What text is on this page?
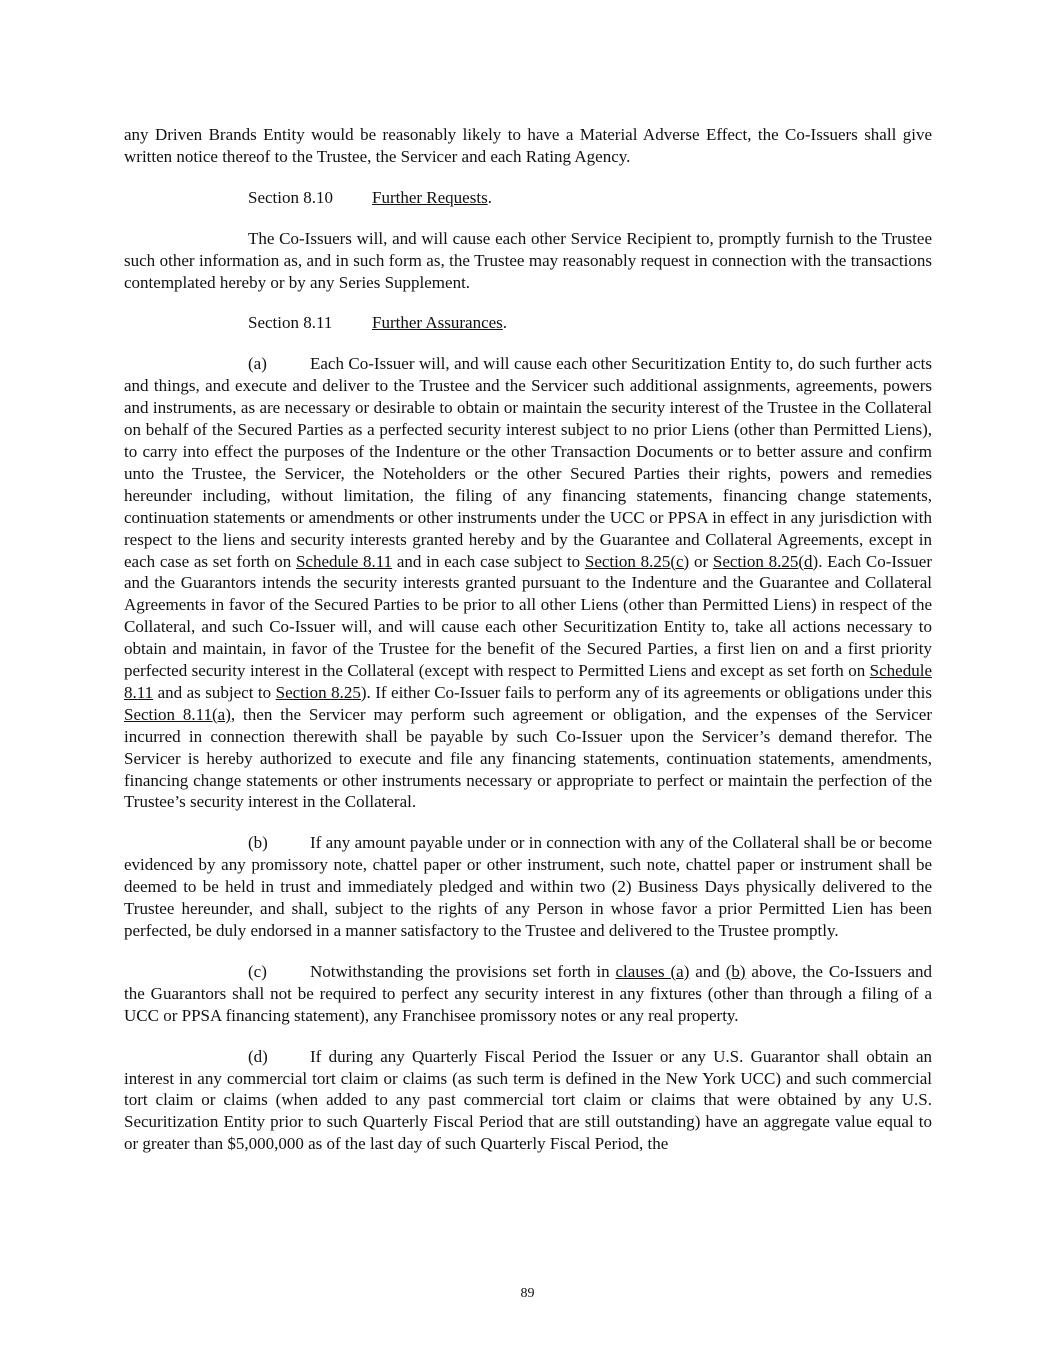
any Driven Brands Entity would be reasonably likely to have a Material Adverse Effect, the Co-Issuers shall give written notice thereof to the Trustee, the Servicer and each Rating Agency.

Section 8.10 Further Requests.

The Co-Issuers will, and will cause each other Service Recipient to, promptly furnish to the Trustee such other information as, and in such form as, the Trustee may reasonably request in connection with the transactions contemplated hereby or by any Series Supplement.

Section 8.11 Further Assurances.

(a)	Each Co-Issuer will, and will cause each other Securitization Entity to, do such further acts and things, and execute and deliver to the Trustee and the Servicer such additional assignments, agreements, powers and instruments, as are necessary or desirable to obtain or maintain the security interest of the Trustee in the Collateral on behalf of the Secured Parties as a perfected security interest subject to no prior Liens (other than Permitted Liens), to carry into effect the purposes of the Indenture or the other Transaction Documents or to better assure and confirm unto the Trustee, the Servicer, the Noteholders or the other Secured Parties their rights, powers and remedies hereunder including, without limitation, the filing of any financing statements, financing change statements, continuation statements or amendments or other instruments under the UCC or PPSA in effect in any jurisdiction with respect to the liens and security interests granted hereby and by the Guarantee and Collateral Agreements, except in each case as set forth on Schedule 8.11 and in each case subject to Section 8.25(c) or Section 8.25(d). Each Co-Issuer and the Guarantors intends the security interests granted pursuant to the Indenture and the Guarantee and Collateral Agreements in favor of the Secured Parties to be prior to all other Liens (other than Permitted Liens) in respect of the Collateral, and such Co-Issuer will, and will cause each other Securitization Entity to, take all actions necessary to obtain and maintain, in favor of the Trustee for the benefit of the Secured Parties, a first lien on and a first priority perfected security interest in the Collateral (except with respect to Permitted Liens and except as set forth on Schedule 8.11 and as subject to Section 8.25). If either Co-Issuer fails to perform any of its agreements or obligations under this Section 8.11(a), then the Servicer may perform such agreement or obligation, and the expenses of the Servicer incurred in connection therewith shall be payable by such Co-Issuer upon the Servicer’s demand therefor. The Servicer is hereby authorized to execute and file any financing statements, continuation statements, amendments, financing change statements or other instruments necessary or appropriate to perfect or maintain the perfection of the Trustee’s security interest in the Collateral.

(b) If any amount payable under or in connection with any of the Collateral shall be or become evidenced by any promissory note, chattel paper or other instrument, such note, chattel paper or instrument shall be deemed to be held in trust and immediately pledged and within two (2) Business Days physically delivered to the Trustee hereunder, and shall, subject to the rights of any Person in whose favor a prior Permitted Lien has been perfected, be duly endorsed in a manner satisfactory to the Trustee and delivered to the Trustee promptly.

(c)	Notwithstanding the provisions set forth in clauses (a) and (b) above, the Co-Issuers and the Guarantors shall not be required to perfect any security interest in any fixtures (other than through a filing of a UCC or PPSA financing statement), any Franchisee promissory notes or any real property.

(d) If during any Quarterly Fiscal Period the Issuer or any U.S. Guarantor shall obtain an interest in any commercial tort claim or claims (as such term is defined in the New York UCC) and such commercial tort claim or claims (when added to any past commercial tort claim or claims that were obtained by any U.S. Securitization Entity prior to such Quarterly Fiscal Period that are still outstanding) have an aggregate value equal to or greater than $5,000,000 as of the last day of such Quarterly Fiscal Period, the

89
